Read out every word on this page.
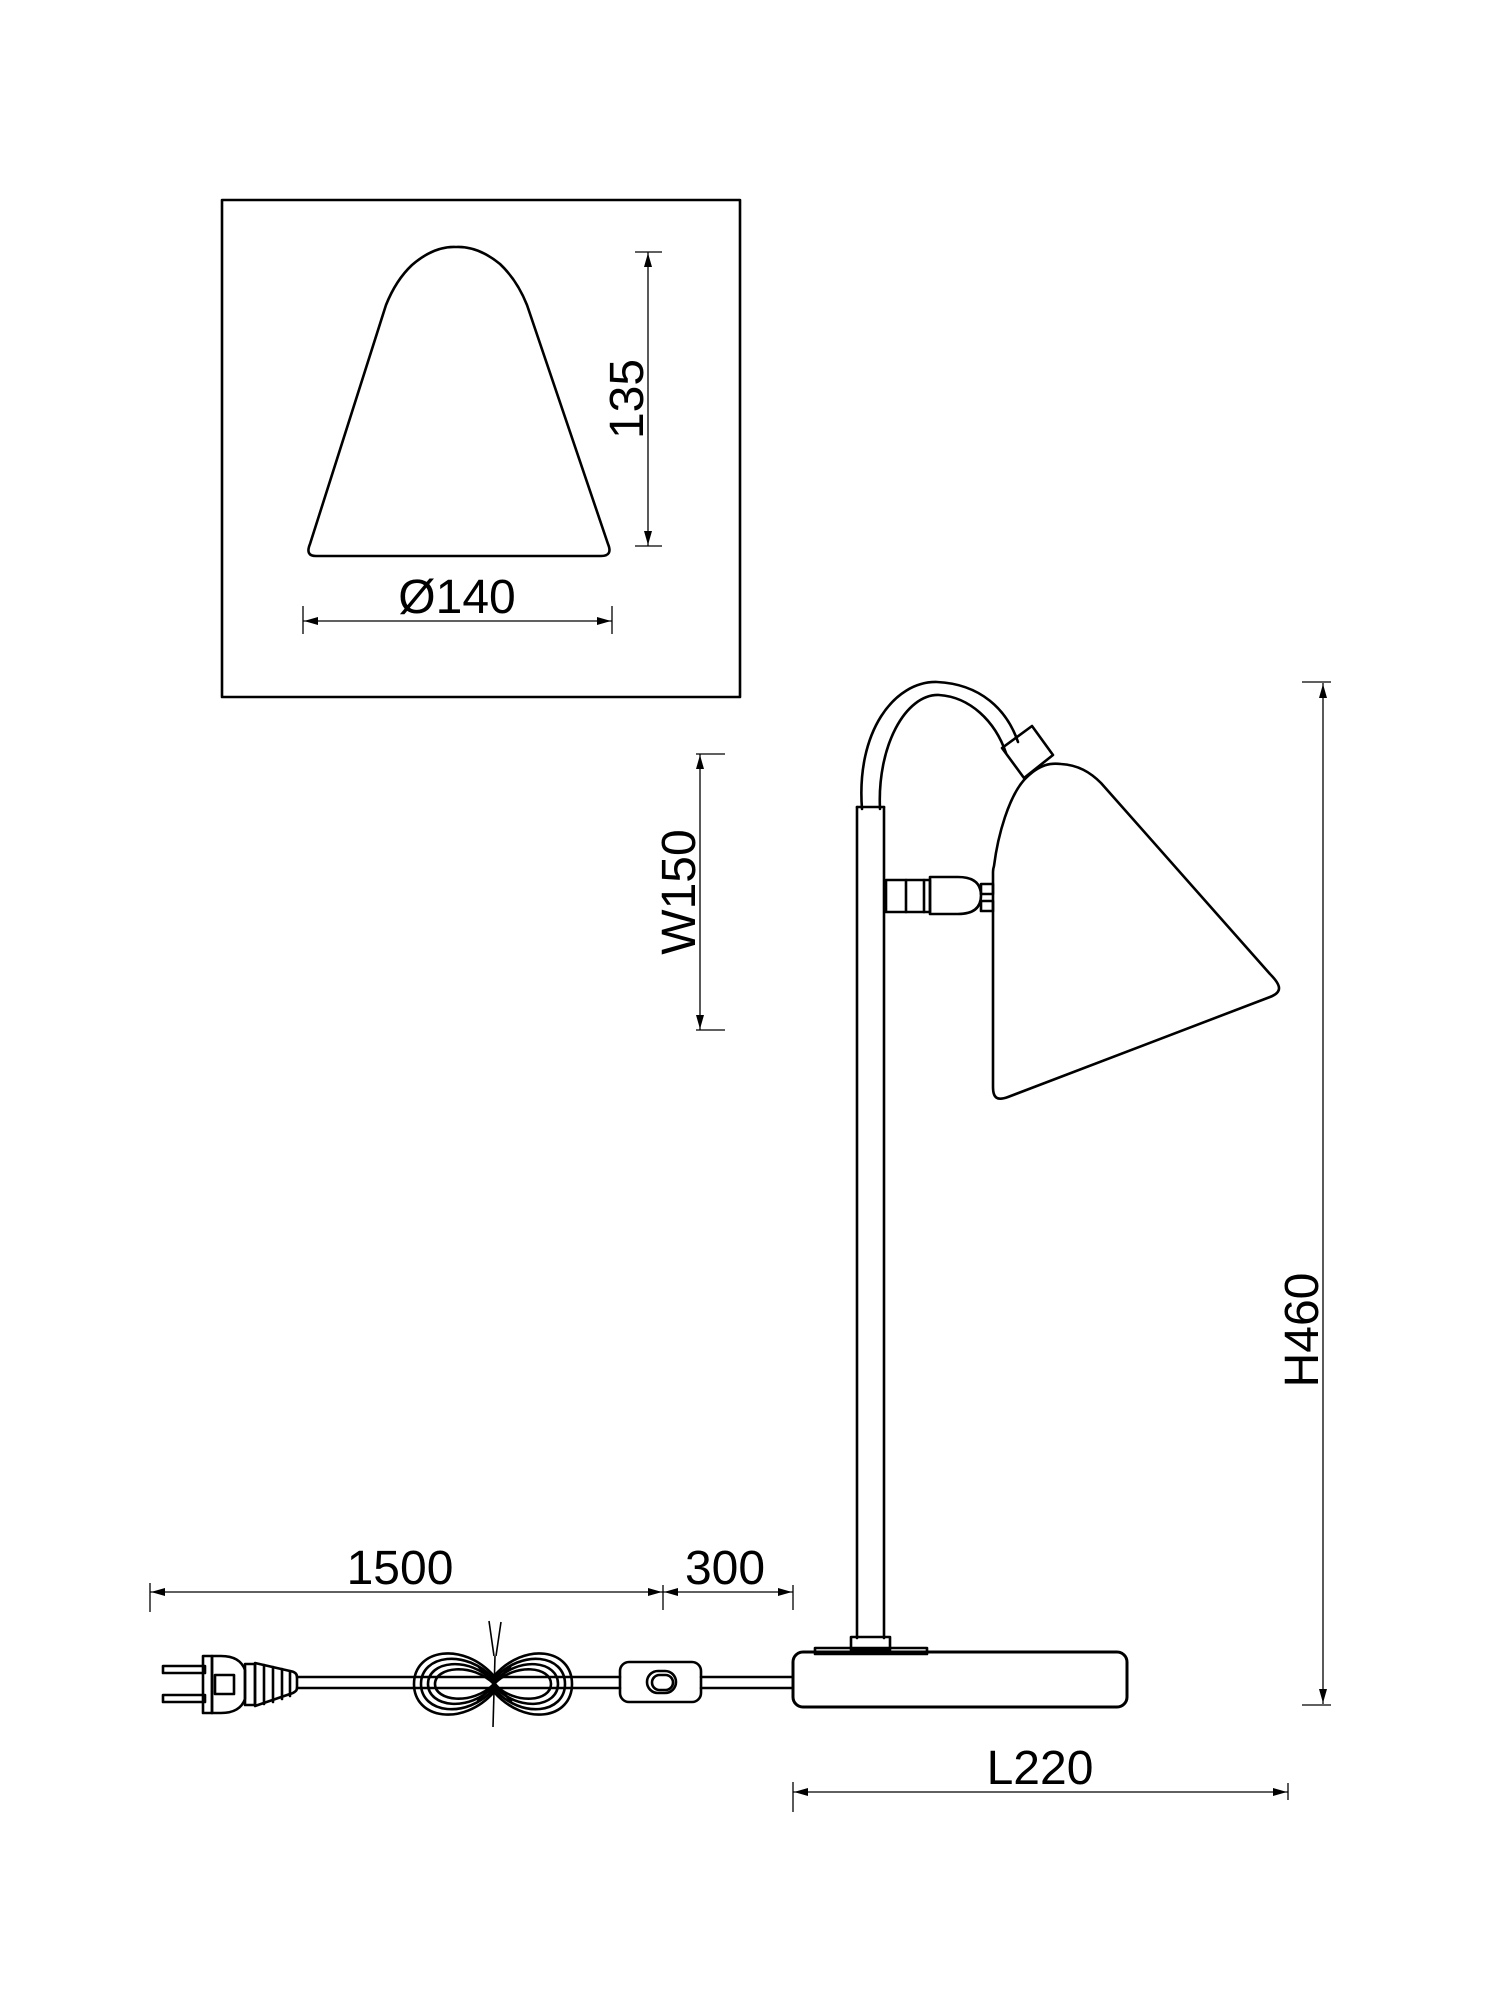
135
Ø140
W150
H460
L220
1500	300
